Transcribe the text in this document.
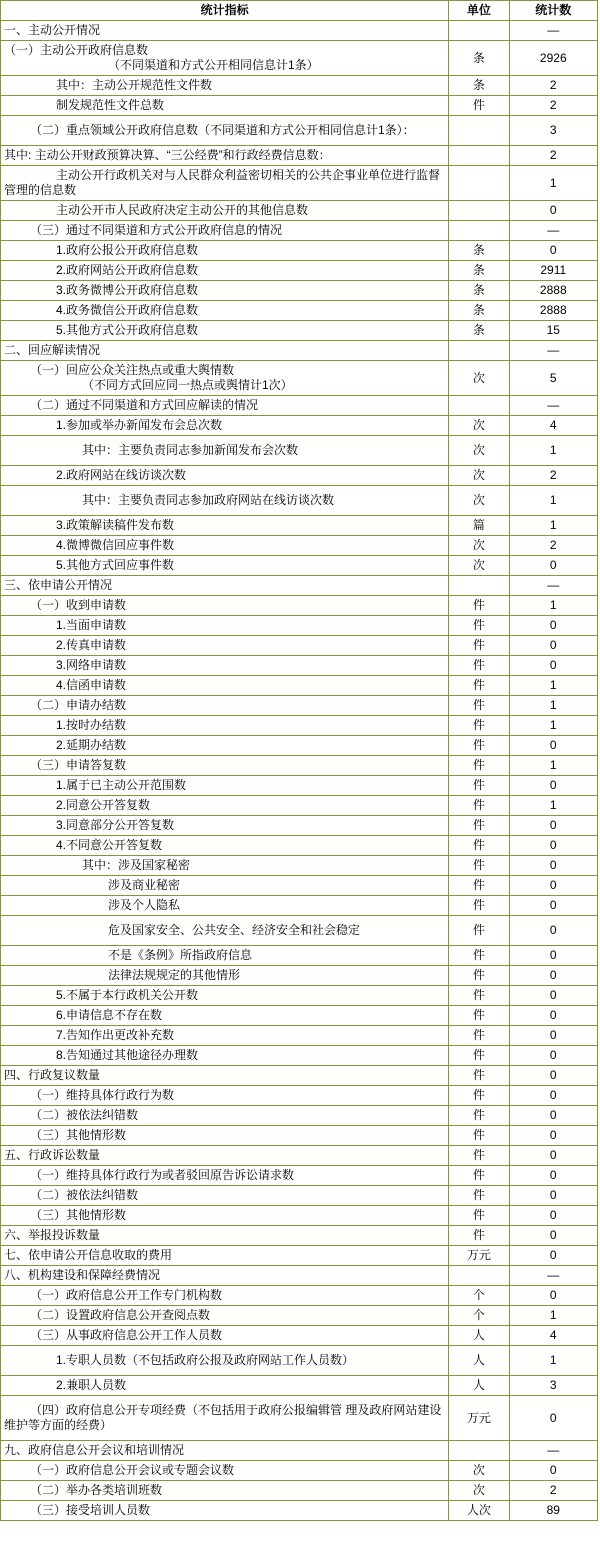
统计指标	单位	统计数
一、主动公开情况		—

（一）主动公开政府信息数
（不同渠道和方式公开相同信息计1条）	条	2926
其中：主动公开规范性文件数	条	2
制发规范性文件总数	件	2
（二）重点领域公开政府信息数（不同渠道和方式公开相同信息计1条）：		3
其中: 主动公开财政预算决算、“三公经费”和行政经费信息数：		2
主动公开行政机关对与人民群众利益密切相关的公共企事业单位进行监督管理的信息数		1
主动公开市人民政府决定主动公开的其他信息数		0
（三）通过不同渠道和方式公开政府信息的情况		—
1.政府公报公开政府信息数	条	0
2.政府网站公开政府信息数	条	2911
3.政务微博公开政府信息数	条	2888
4.政务微信公开政府信息数	条	2888
5.其他方式公开政府信息数	条	15
二、回应解读情况		—

（一）回应公众关注热点或重大舆情数
（不同方式回应同一热点或舆情计1次）	次	5
（二）通过不同渠道和方式回应解读的情况		—
1.参加或举办新闻发布会总次数	次	4
其中：主要负责同志参加新闻发布会次数	次	1
2.政府网站在线访谈次数	次	2
其中：主要负责同志参加政府网站在线访谈次数	次	1
3.政策解读稿件发布数	篇	1
4.微博微信回应事件数	次	2
5.其他方式回应事件数	次	0
三、依申请公开情况		—
（一）收到申请数	件	1
1.当面申请数	件	0
2.传真申请数	件	0
3.网络申请数	件	0
4.信函申请数	件	1
（二）申请办结数	件	1
1.按时办结数	件	1
2.延期办结数	件	0
（三）申请答复数	件	1
1.属于已主动公开范围数	件	0
2.同意公开答复数	件	1
3.同意部分公开答复数	件	0
4.不同意公开答复数	件	0
其中：涉及国家秘密	件	0
涉及商业秘密	件	0
涉及个人隐私	件	0
危及国家安全、公共安全、经济安全和社会稳定	件	0
不是《条例》所指政府信息	件	0
法律法规规定的其他情形	件	0
5.不属于本行政机关公开数	件	0
6.申请信息不存在数	件	0
7.告知作出更改补充数	件	0
8.告知通过其他途径办理数	件	0
四、行政复议数量	件	0
（一）维持具体行政行为数	件	0
（二）被依法纠错数	件	0
（三）其他情形数	件	0
五、行政诉讼数量	件	0
（一）维持具体行政行为或者驳回原告诉讼请求数	件	0
（二）被依法纠错数	件	0
（三）其他情形数	件	0
六、举报投诉数量	件	0
七、依申请公开信息收取的费用	万元	0
八、机构建设和保障经费情况		—
（一）政府信息公开工作专门机构数	个	0
（二）设置政府信息公开查阅点数	个	1
（三）从事政府信息公开工作人员数	人	4
1.专职人员数（不包括政府公报及政府网站工作人员数）	人	1
2.兼职人员数	人	3
（四）政府信息公开专项经费（不包括用于政府公报编辑管 理及政府网站建设维护等方面的经费）	万元	0
九、政府信息公开会议和培训情况		—
（一）政府信息公开会议或专题会议数	次	0
（二）举办各类培训班数	次	2
（三）接受培训人员数	人次	89
